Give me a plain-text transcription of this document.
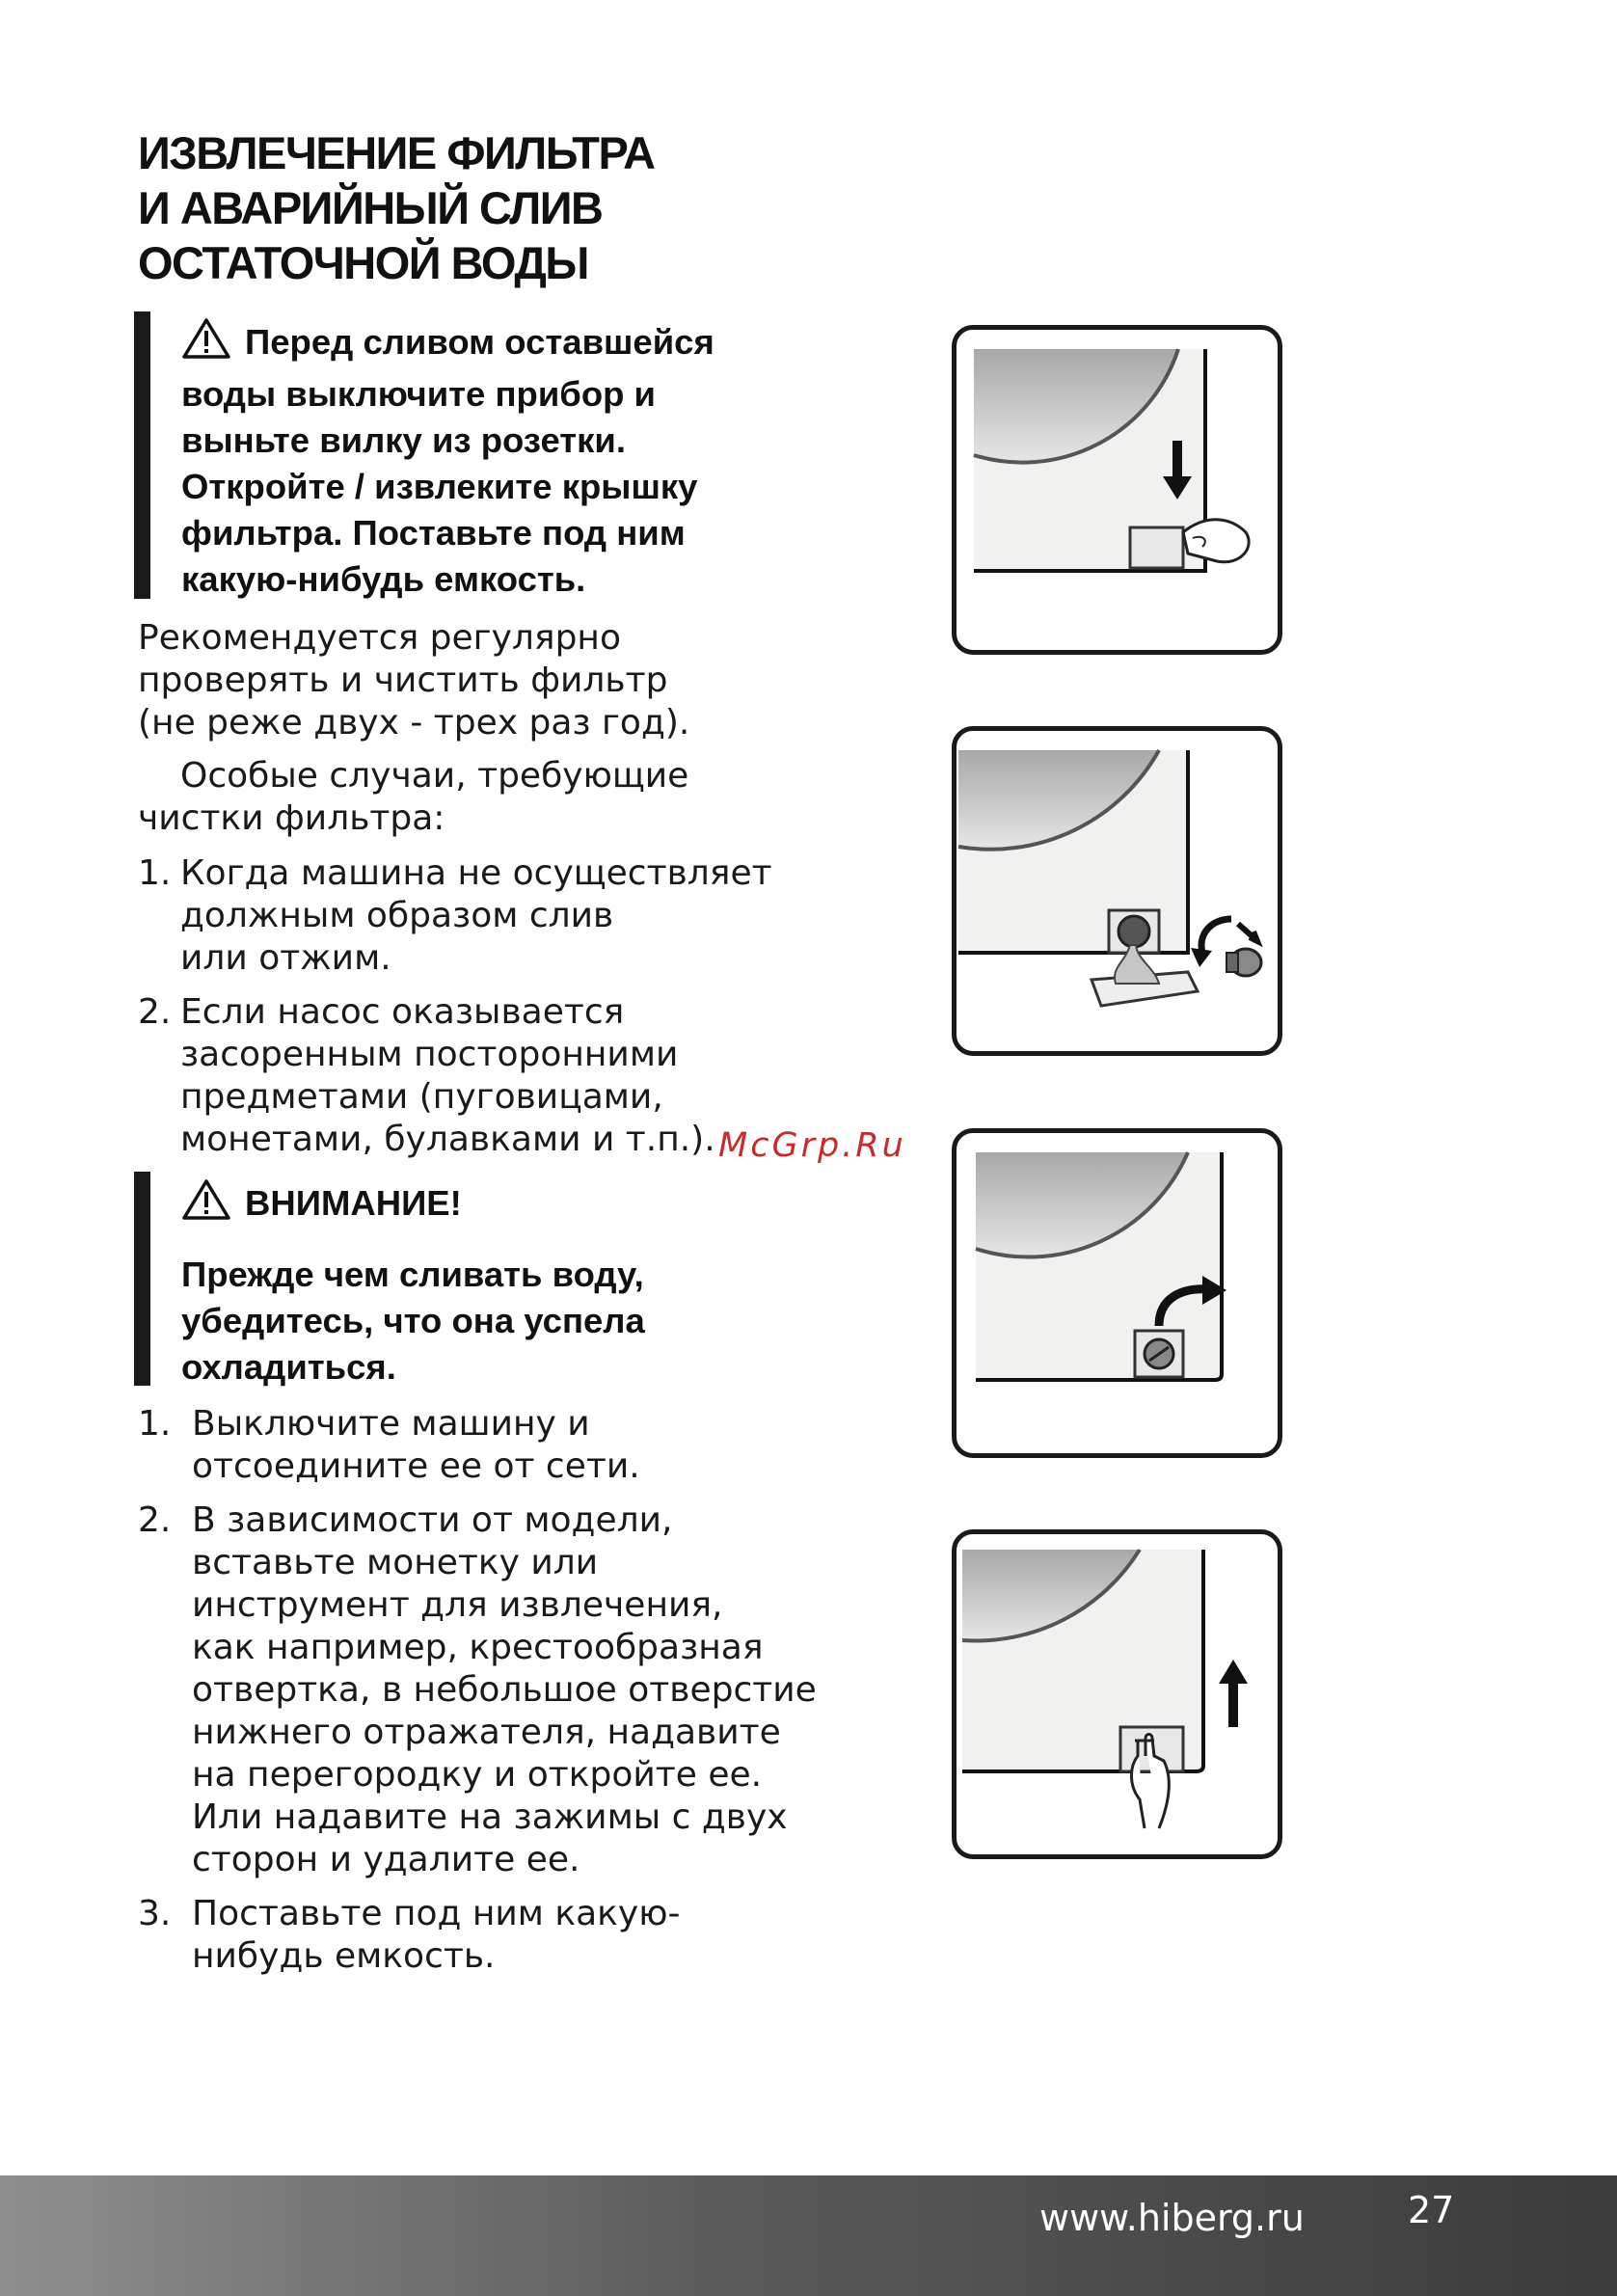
ИЗВЛЕЧЕНИЕ ФИЛЬТРА
И АВАРИЙНЫЙ СЛИВ
ОСТАТОЧНОЙ ВОДЫ
Перед сливом оставшейся
воды выключите прибор и
выньте вилку из розетки.
Откройте / извлеките крышку
фильтра. Поставьте под ним
какую-нибудь емкость.

Рекомендуется регулярно
проверять и чистить фильтр
(не реже двух - трех раз год).

Особые случаи, требующие
чистки фильтра:

1. Когда машина не осуществляет
должным образом слив
или отжим.
2. Если насос оказывается
засоренным посторонними
предметами (пуговицами,
монетами, булавками и т.п.). McGrp.Ru
ВНИМАНИЕ!
Прежде чем сливать воду,
убедитесь, что она успела
охладиться.
1. Выключите машину и
отсоедините ее от сети.
2. В зависимости от модели,
вставьте монетку или
инструмент для извлечения,
как например, крестообразная
отвертка, в небольшое отверстие
нижнего отражателя, надавите
на перегородку и откройте ее.
Или надавите на зажимы с двух
сторон и удалите ее.
3. Поставьте под ним какую-
нибудь емкость.
www.hiberg.ru	27
